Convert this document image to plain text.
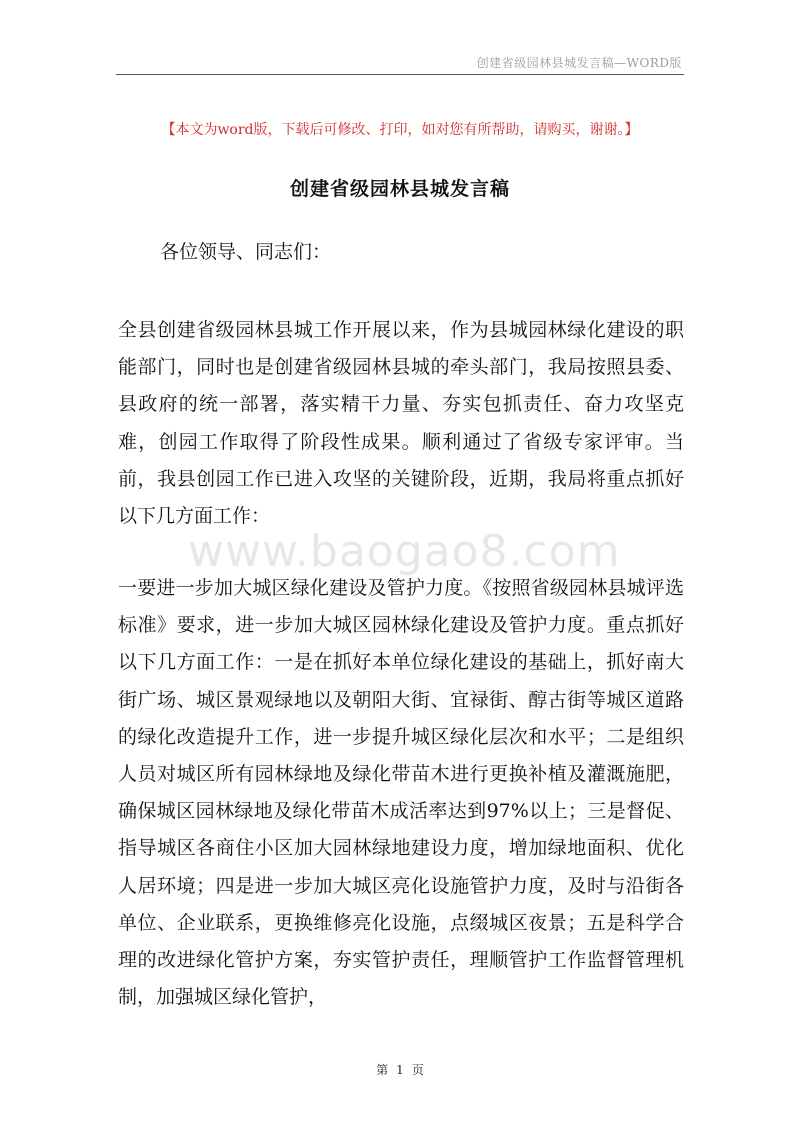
创建省级园林县城发言稿—WORD版
【本文为word版，下载后可修改、打印，如对您有所帮助，请购买，谢谢。】
创建省级园林县城发言稿
各位领导、同志们：
全县创建省级园林县城工作开展以来，作为县城园林绿化建设的职能部门，同时也是创建省级园林县城的牵头部门，我局按照县委、县政府的统一部署，落实精干力量、夯实包抓责任、奋力攻坚克难，创园工作取得了阶段性成果。顺利通过了省级专家评审。当前，我县创园工作已进入攻坚的关键阶段，近期，我局将重点抓好以下几方面工作：
www.baogao8.com
一要进一步加大城区绿化建设及管护力度。《按照省级园林县城评选标准》要求，进一步加大城区园林绿化建设及管护力度。重点抓好以下几方面工作：一是在抓好本单位绿化建设的基础上，抓好南大街广场、城区景观绿地以及朝阳大街、宜禄街、醇古街等城区道路的绿化改造提升工作，进一步提升城区绿化层次和水平；二是组织人员对城区所有园林绿地及绿化带苗木进行更换补植及灌溉施肥，确保城区园林绿地及绿化带苗木成活率达到97%以上；三是督促、指导城区各商住小区加大园林绿地建设力度，增加绿地面积、优化人居环境；四是进一步加大城区亮化设施管护力度，及时与沿街各单位、企业联系，更换维修亮化设施，点缀城区夜景；五是科学合理的改进绿化管护方案，夯实管护责任，理顺管护工作监督管理机制，加强城区绿化管护，
第 1 页
